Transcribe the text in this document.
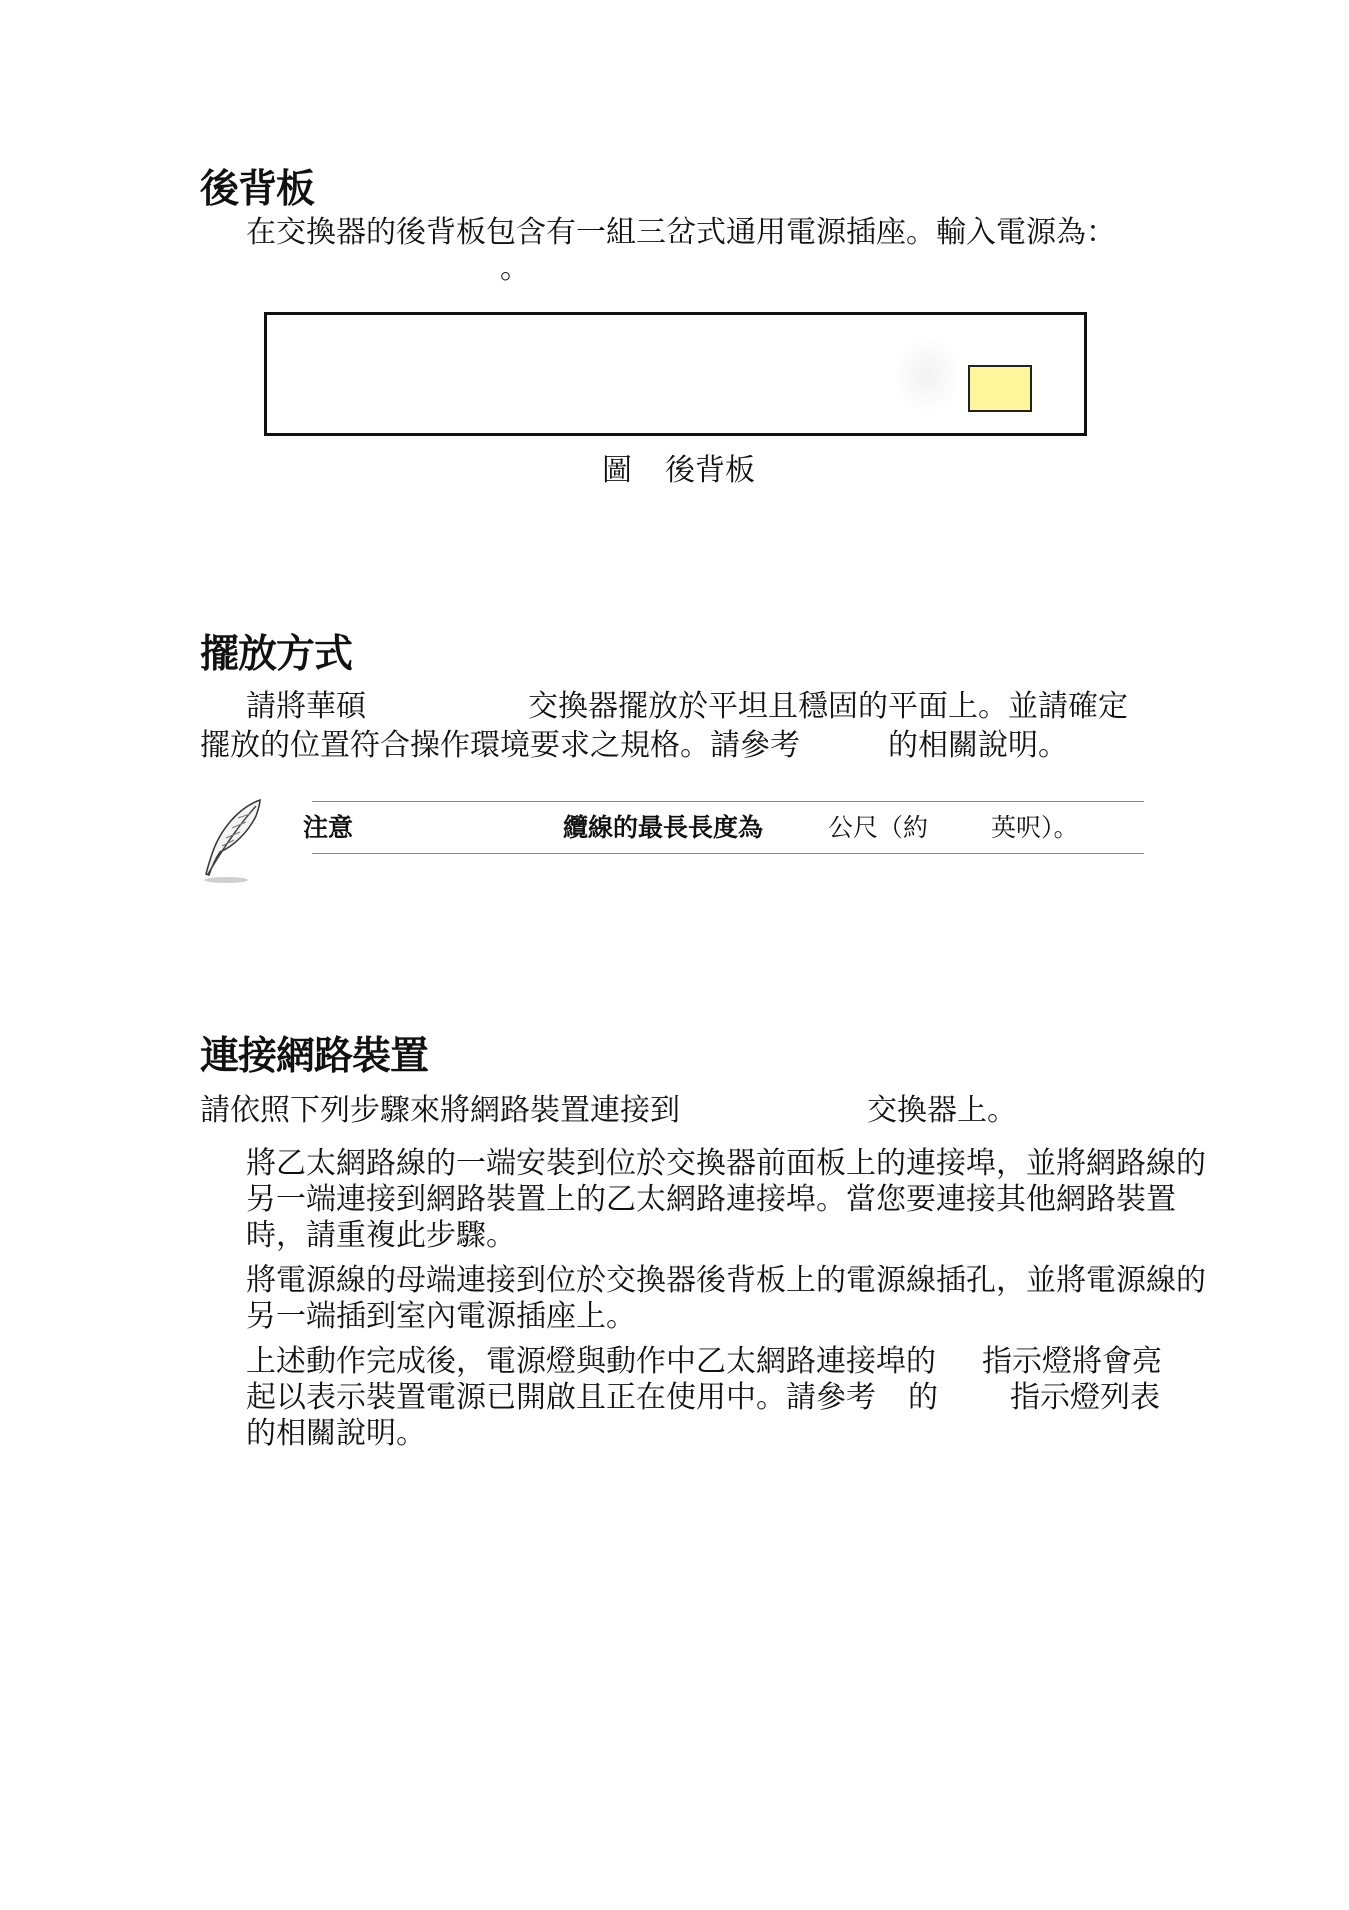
後背板

在交換器的後背板包含有一組三岔式通用電源插座。輸入電源為：

。

圖 後背板
擺放方式
請將華碩	交換器擺放於平坦且穩固的平面上。並請確定
擺放的位置符合操作環境要求之規格。請參考	的相關說明。
注意	纜線的最長長度為	公尺（約	英呎）。
連接網路裝置
請依照下列步驟來將網路裝置連接到	交換器上。

將乙太網路線的一端安裝到位於交換器前面板上的連接埠，並將網路線的

另一端連接到網路裝置上的乙太網路連接埠。當您要連接其他網路裝置

時，請重複此步驟。

將電源線的母端連接到位於交換器後背板上的電源線插孔，並將電源線的

另一端插到室內電源插座上。

上述動作完成後，電源燈與動作中乙太網路連接埠的 指示燈將會亮
起以表示裝置電源已開啟且正在使用中。請參考 的 指示燈列表
的相關說明。
